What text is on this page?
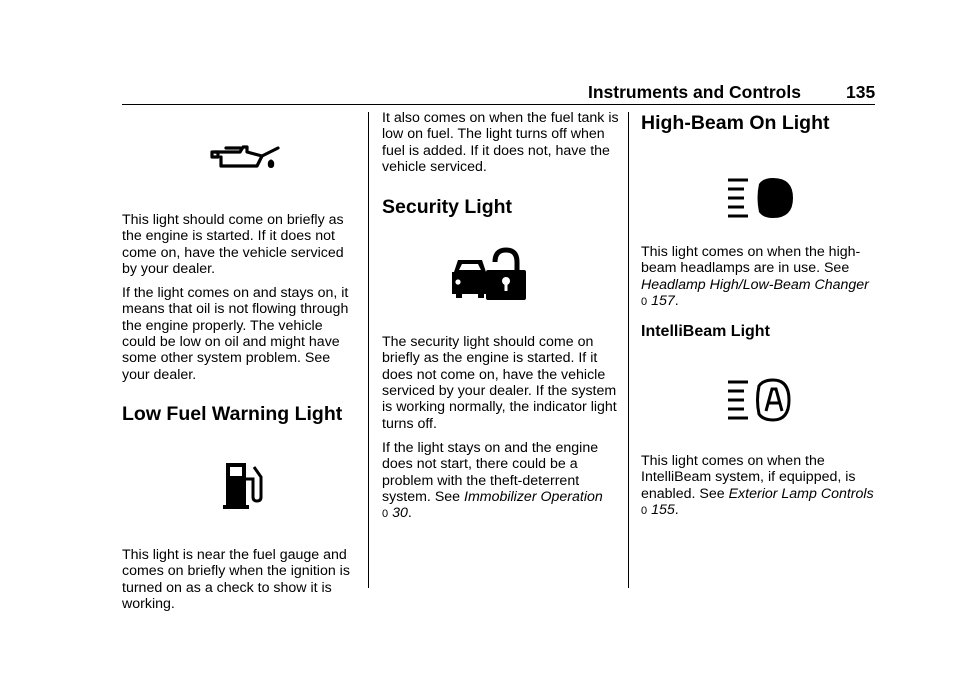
Instruments and Controls	135

This light should come on briefly as the engine is started. If it does not come on, have the vehicle serviced by your dealer.

If the light comes on and stays on, it means that oil is not flowing through the engine properly. The vehicle could be low on oil and might have some other system problem. See your dealer.

Low Fuel Warning Light

This light is near the fuel gauge and comes on briefly when the ignition is turned on as a check to show it is working.

It also comes on when the fuel tank is low on fuel. The light turns off when fuel is added. If it does not, have the vehicle serviced.

Security Light

The security light should come on briefly as the engine is started. If it does not come on, have the vehicle serviced by your dealer. If the system is working normally, the indicator light turns off.

If the light stays on and the engine does not start, there could be a problem with the theft-deterrent system. See Immobilizer Operation
0 30.

High-Beam On Light

This light comes on when the high-beam headlamps are in use. See Headlamp High/Low-Beam Changer 0 157.

IntelliBeam Light

This light comes on when the IntelliBeam system, if equipped, is enabled. See Exterior Lamp Controls 0 155.
